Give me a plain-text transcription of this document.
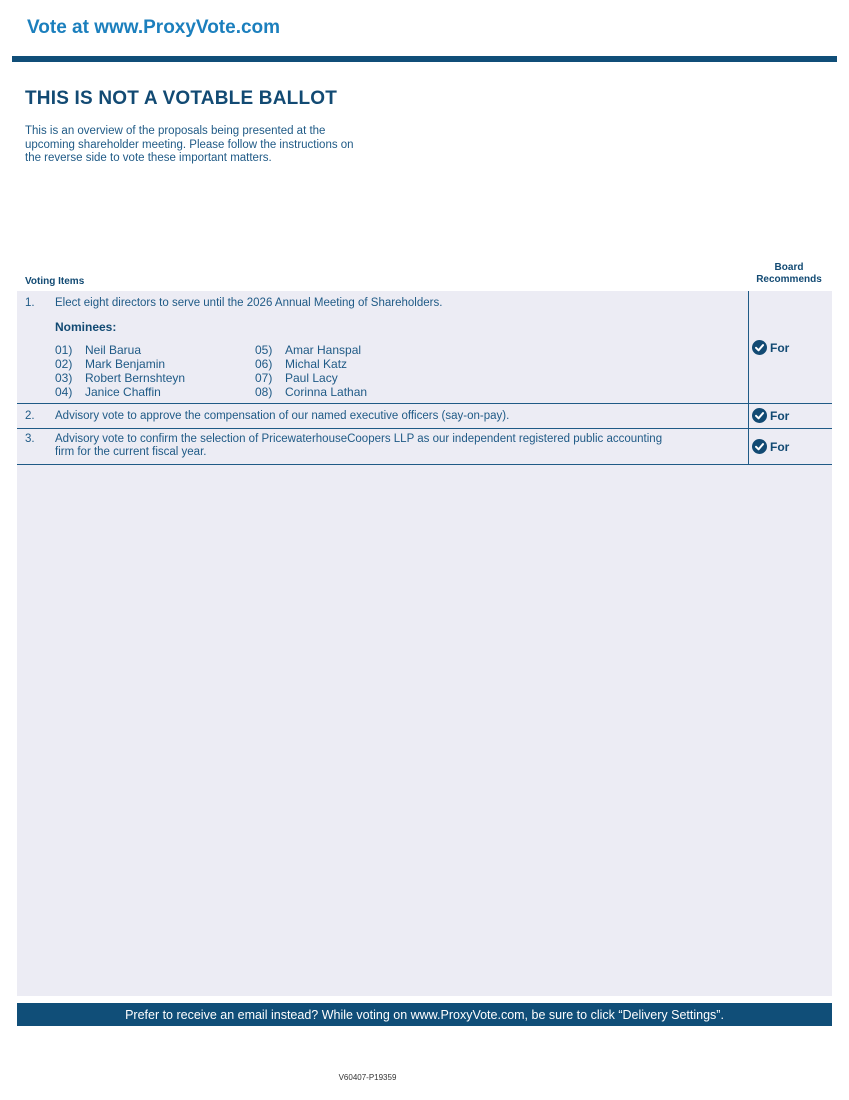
Vote at www.ProxyVote.com
THIS IS NOT A VOTABLE BALLOT
This is an overview of the proposals being presented at the
upcoming shareholder meeting. Please follow the instructions on
the reverse side to vote these important matters.
Voting Items
Board
Recommends
1. Elect eight directors to serve until the 2026 Annual Meeting of Shareholders.
Nominees:
01) Neil Barua
02) Mark Benjamin
03) Robert Bernshteyn
04) Janice Chaffin
05) Amar Hanspal
06) Michal Katz
07) Paul Lacy
08) Corinna Lathan
For
2. Advisory vote to approve the compensation of our named executive officers (say-on-pay).	For
3. Advisory vote to confirm the selection of PricewaterhouseCoopers LLP as our independent registered public accounting
firm for the current fiscal year.	For
Prefer to receive an email instead? While voting on www.ProxyVote.com, be sure to click “Delivery Settings”.
V60407-P19359
